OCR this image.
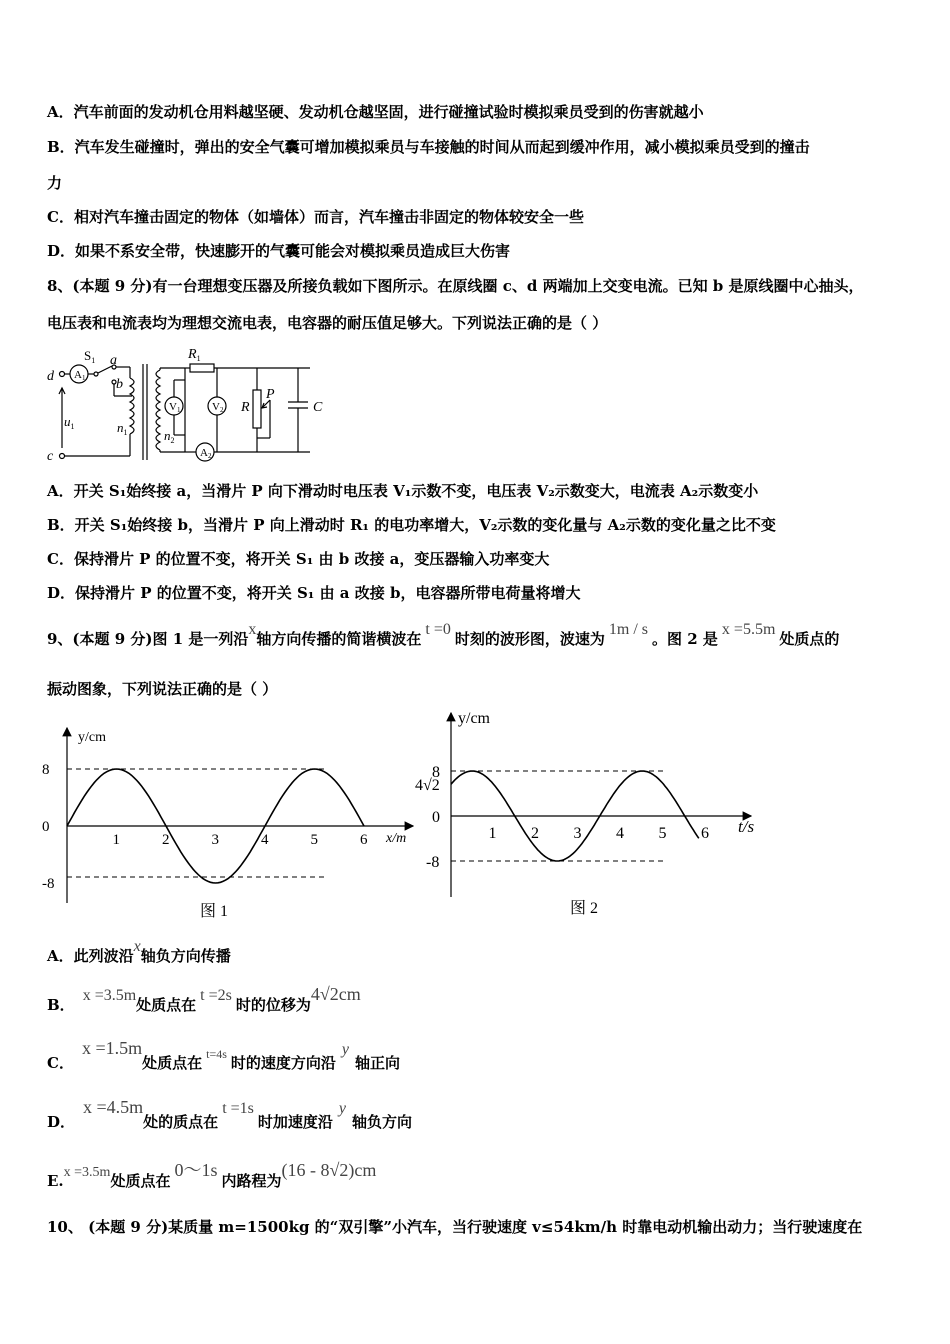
A．汽车前面的发动机仓用料越坚硬、发动机仓越坚固，进行碰撞试验时模拟乘员受到的伤害就越小
B．汽车发生碰撞时，弹出的安全气囊可增加模拟乘员与车接触的时间从而起到缓冲作用，减小模拟乘员受到的撞击
力
C．相对汽车撞击固定的物体（如墙体）而言，汽车撞击非固定的物体较安全一些
D．如果不系安全带，快速膨开的气囊可能会对模拟乘员造成巨大伤害
8、(本题 9 分)有一台理想变压器及所接负载如下图所示。在原线圈 c、d 两端加上交变电流。已知 b 是原线圈中心抽头，
电压表和电流表均为理想交流电表，电容器的耐压值足够大。下列说法正确的是（ ）
d
c
$u_1$
a
b
$n_1$	$n_2$
$R_1$
R
P
C
A1
V1	V2
A2
$S_1$
A．开关 S₁始终接 a，当滑片 P 向下滑动时电压表 V₁示数不变，电压表 V₂示数变大，电流表 A₂示数变小
B．开关 S₁始终接 b，当滑片 P 向上滑动时 R₁ 的电功率增大，V₂示数的变化量与 A₂示数的变化量之比不变
C．保持滑片 P 的位置不变，将开关 S₁ 由 b 改接 a，变压器输入功率变大
D．保持滑片 P 的位置不变，将开关 S₁ 由 a 改接 b，电容器所带电荷量将增大
9、(本题 9 分)图 1 是一列沿x轴方向传播的简谐横波在t =0时刻的波形图，波速为1m / s。图 2 是x =5.5m处质点的
振动图象，下列说法正确的是（ ）
1	2	3	4	5	6
8
0
-8
y/cm
x/m
图 1
1 2 3 4 5 6
8
4√2
0
-8
y/cm
t/s
图 2
A．此列波沿x轴负方向传播
B．x =3.5m处质点在t =2s时的位移为4√2cm
C．x =1.5m处质点在 $^{t=4s}$ 时的速度方向沿y轴正向
D．x =4.5m处的质点在t =1s时加速度沿y轴负方向
E.x =3.5m处质点在0～1s内路程为(16 - 8√2)cm
10、 (本题 9 分)某质量 m=1500kg 的“双引擎”小汽车，当行驶速度 v≤54km/h 时靠电动机输出动力；当行驶速度在
